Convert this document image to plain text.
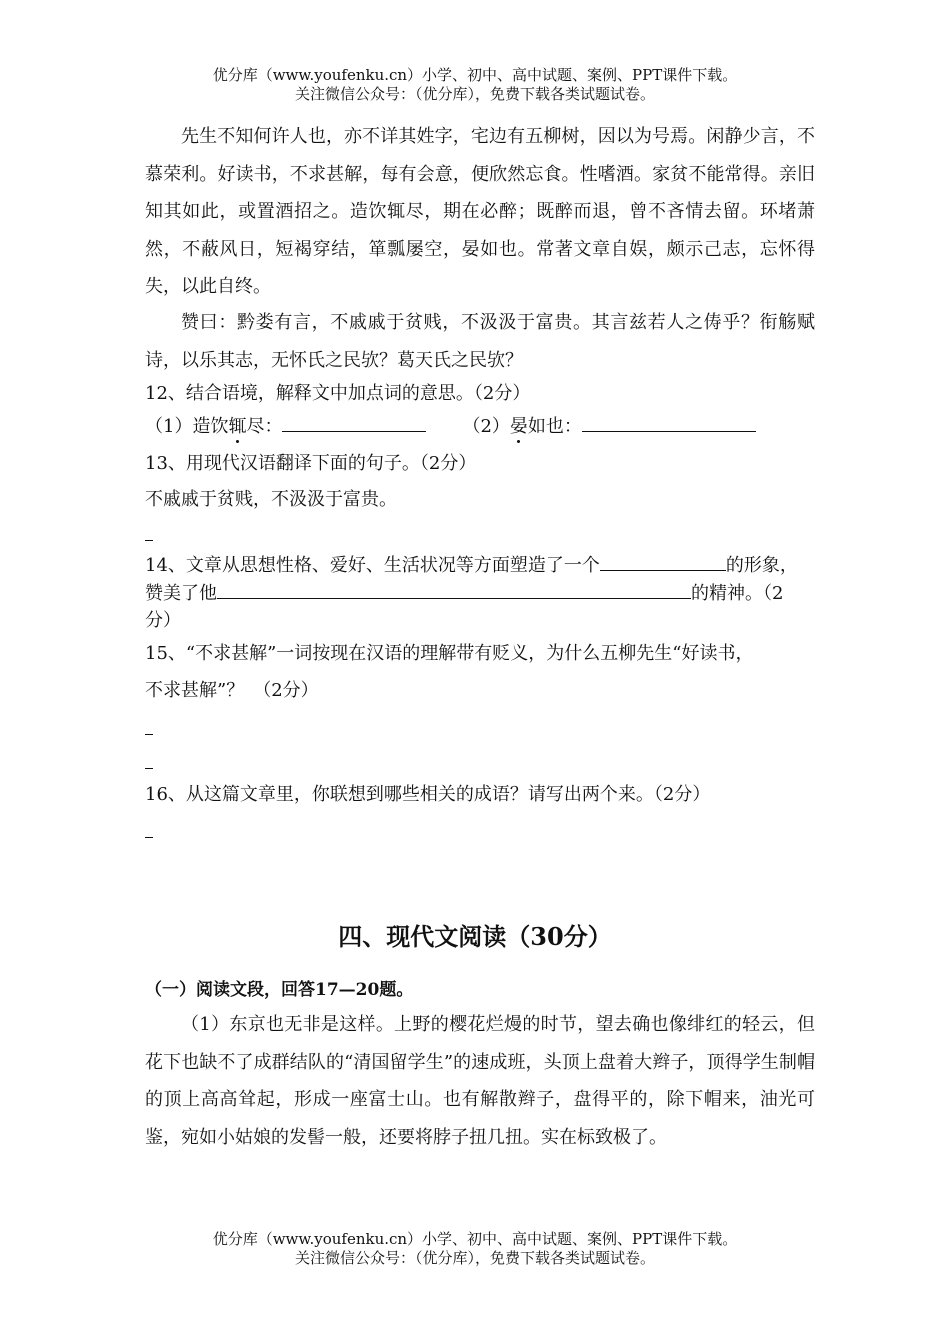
优分库（www.youfenku.cn）小学、初中、高中试题、案例、PPT课件下载。
关注微信公众号：（优分库），免费下载各类试题试卷。
先生不知何许人也，亦不详其姓字，宅边有五柳树，因以为号焉。闲静少言，不慕荣利。好读书，不求甚解，每有会意，便欣然忘食。性嗜酒。家贫不能常得。亲旧知其如此，或置酒招之。造饮辄尽，期在必醉；既醉而退，曾不吝情去留。环堵萧然，不蔽风日，短褐穿结，箪瓢屡空，晏如也。常著文章自娱，颇示己志，忘怀得失，以此自终。
赞曰：黔娄有言，不戚戚于贫贱，不汲汲于富贵。其言兹若人之俦乎？衔觞赋诗，以乐其志，无怀氏之民欤？葛天氏之民欤？
12、结合语境，解释文中加点词的意思。（2分）
（1）造饮辄尽：	（2）晏如也：
13、用现代汉语翻译下面的句子。（2分）
不戚戚于贫贱，不汲汲于富贵。
14、文章从思想性格、爱好、生活状况等方面塑造了一个	的形象，
赞美了他	的精神。（2
分）
15、“不求甚解”一词按现在汉语的理解带有贬义，为什么五柳先生“好读书，
不求甚解”？　（2分）
16、从这篇文章里，你联想到哪些相关的成语？请写出两个来。（2分）
四、现代文阅读（30分）
（一）阅读文段，回答17—20题。
（1）东京也无非是这样。上野的樱花烂熳的时节，望去确也像绯红的轻云，但花下也缺不了成群结队的“清国留学生”的速成班，头顶上盘着大辫子，顶得学生制帽的顶上高高耸起，形成一座富士山。也有解散辫子，盘得平的，除下帽来，油光可鉴，宛如小姑娘的发髻一般，还要将脖子扭几扭。实在标致极了。
优分库（www.youfenku.cn）小学、初中、高中试题、案例、PPT课件下载。
关注微信公众号：（优分库），免费下载各类试题试卷。
